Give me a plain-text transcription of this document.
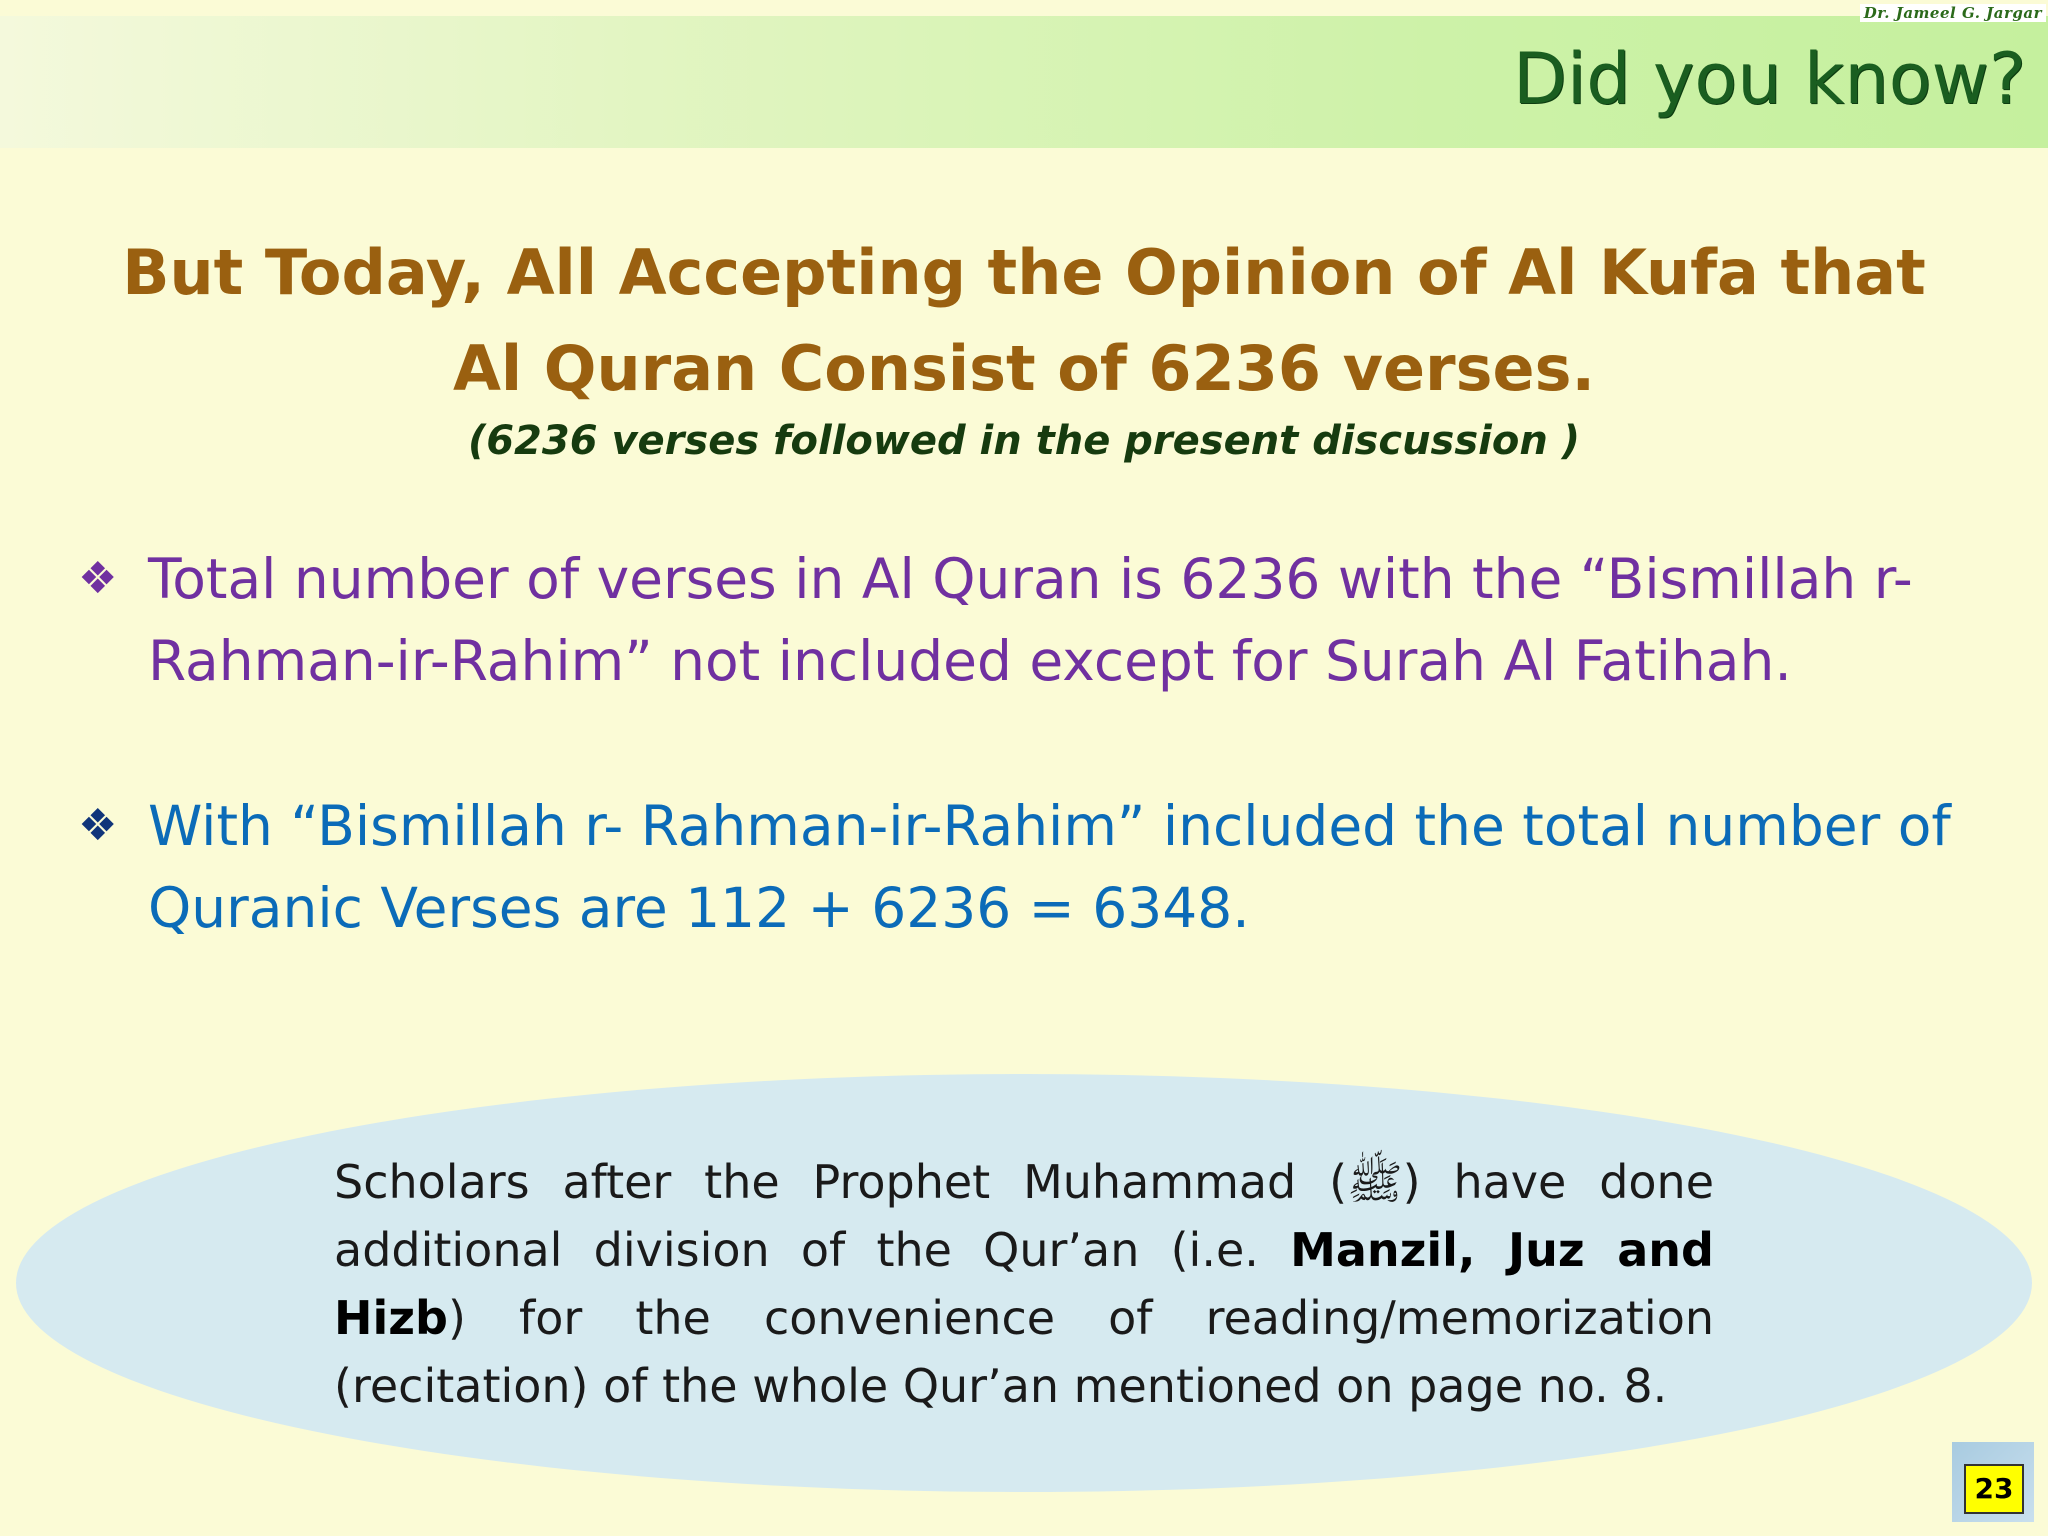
Dr. Jameel G. Jargar
Did you know?
But Today, All Accepting the Opinion of Al Kufa that
Al Quran Consist of 6236 verses.
(6236 verses followed in the present discussion )
❖ Total number of verses in Al Quran is 6236 with the “Bismillah r- Rahman-ir-Rahim” not included except for Surah Al Fatihah.
❖ With “Bismillah r- Rahman-ir-Rahim” included the total number of Quranic Verses are 112 + 6236 = 6348.
Scholars after the Prophet Muhammad (ﷺ) have done additional division of the Qur’an (i.e. Manzil, Juz and Hizb) for the convenience of reading/memorization (recitation) of the whole Qur’an mentioned on page no. 8.
23
